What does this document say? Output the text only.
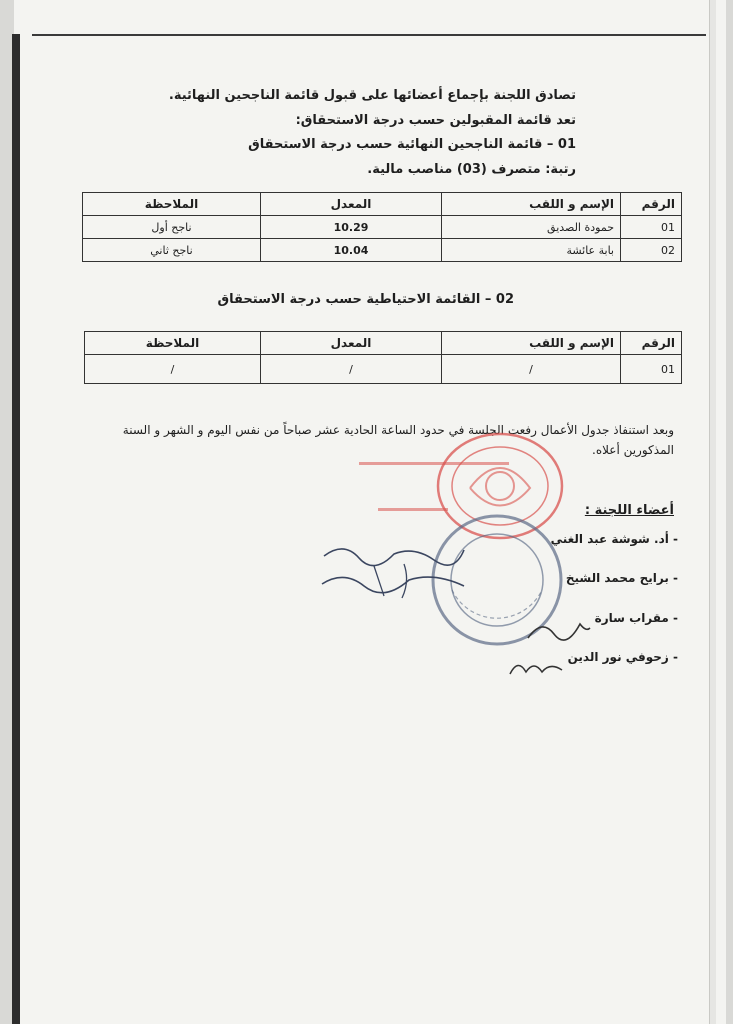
تصادق اللجنة بإجماع أعضائها على قبول قائمة الناجحين النهائية.
تعد قائمة المقبولين حسب درجة الاستحقاق:
01 – قائمة الناجحين النهائية حسب درجة الاستحقاق
رتبة: متصرف (03) مناصب مالية.
الرقم	الإسم و اللقب	المعدل	الملاحظة
01	حمودة الصديق	10.29	ناجح أول
02	بابة عائشة	10.04	ناجح ثاني
02 – القائمة الاحتياطية حسب درجة الاستحقاق
الرقم	الإسم و اللقب	المعدل	الملاحظة
01	/	/	/
وبعد استنفاذ جدول الأعمال رفعت الجلسة في حدود الساعة الحادية عشر صباحاً من نفس اليوم و الشهر و السنة المذكورين أعلاه.
أعضاء اللجنة :
- أد. شوشة عبد الغني
- برايح محمد الشيخ
- مقراب سارة
- زحوفي نور الدين
